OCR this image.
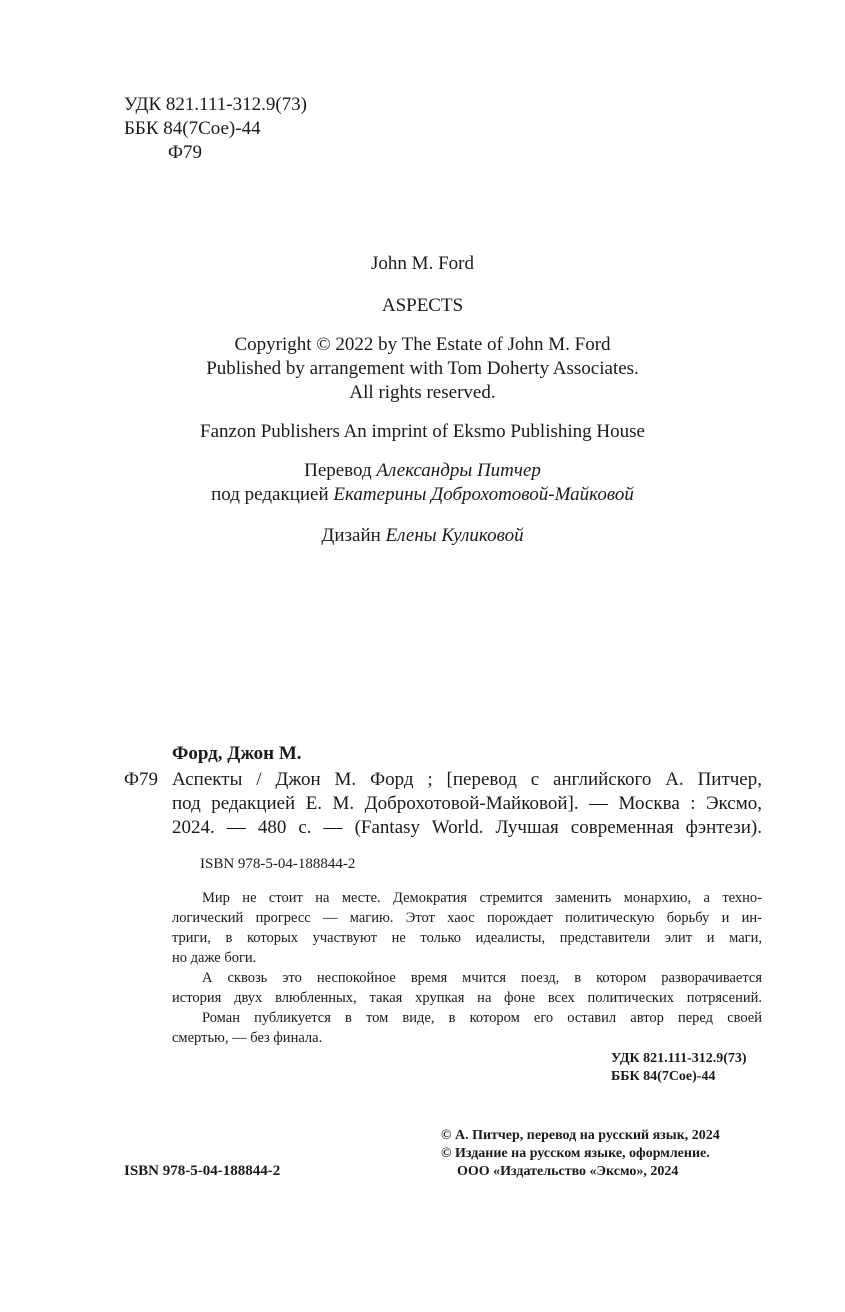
УДК 821.111-312.9(73)
ББК 84(7Сое)-44
Ф79
John M. Ford
ASPECTS
Copyright © 2022 by The Estate of John M. Ford
Published by arrangement with Tom Doherty Associates.
All rights reserved.
Fanzon Publishers An imprint of Eksmo Publishing House
Перевод Александры Питчер
под редакцией Екатерины Доброхотовой-Майковой
Дизайн Елены Куликовой
Форд, Джон М.
Ф79 Аспекты / Джон М. Форд ; [перевод с английского А. Питчер,
под редакцией Е. М. Доброхотовой-Майковой]. — Москва : Эксмо,
2024. — 480 с. — (Fantasy World. Лучшая современная фэнтези).
ISBN 978-5-04-188844-2
Мир не стоит на месте. Демократия стремится заменить монархию, а техно-
логический прогресс — магию. Этот хаос порождает политическую борьбу и ин-
триги, в которых участвуют не только идеалисты, представители элит и маги,
но даже боги.
А сквозь это неспокойное время мчится поезд, в котором разворачивается
история двух влюбленных, такая хрупкая на фоне всех политических потрясений.
Роман публикуется в том виде, в котором его оставил автор перед своей
смертью, — без финала.
УДК 821.111-312.9(73)
ББК 84(7Сое)-44
© А. Питчер, перевод на русский язык, 2024
© Издание на русском языке, оформление.
ООО «Издательство «Эксмо», 2024
ISBN 978-5-04-188844-2
